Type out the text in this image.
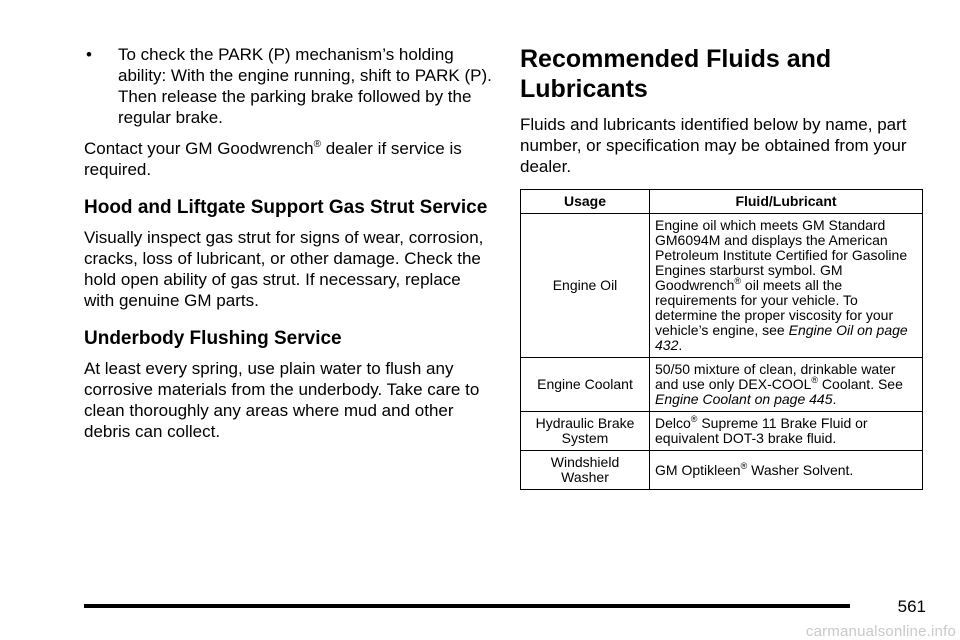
•	To check the PARK (P) mechanism’s holding ability: With the engine running, shift to PARK (P). Then release the parking brake followed by the regular brake.

Contact your GM Goodwrench® dealer if service is required.

Hood and Liftgate Support Gas Strut Service

Visually inspect gas strut for signs of wear, corrosion, cracks, loss of lubricant, or other damage. Check the hold open ability of gas strut. If necessary, replace with genuine GM parts.

Underbody Flushing Service

At least every spring, use plain water to flush any corrosive materials from the underbody. Take care to clean thoroughly any areas where mud and other debris can collect.

Recommended Fluids and
Lubricants

Fluids and lubricants identified below by name, part number, or specification may be obtained from your dealer.

Usage	Fluid/Lubricant
Engine Oil	Engine oil which meets GM Standard GM6094M and displays the American Petroleum Institute Certified for Gasoline Engines starburst symbol. GM Goodwrench® oil meets all the requirements for your vehicle. To determine the proper viscosity for your vehicle’s engine, see Engine Oil on page 432.
Engine Coolant	50/50 mixture of clean, drinkable water and use only DEX-COOL® Coolant. See Engine Coolant on page 445.
Hydraulic Brake System	Delco® Supreme 11 Brake Fluid or equivalent DOT-3 brake fluid.
Windshield Washer	GM Optikleen® Washer Solvent.
561
carmanualsonline.info
